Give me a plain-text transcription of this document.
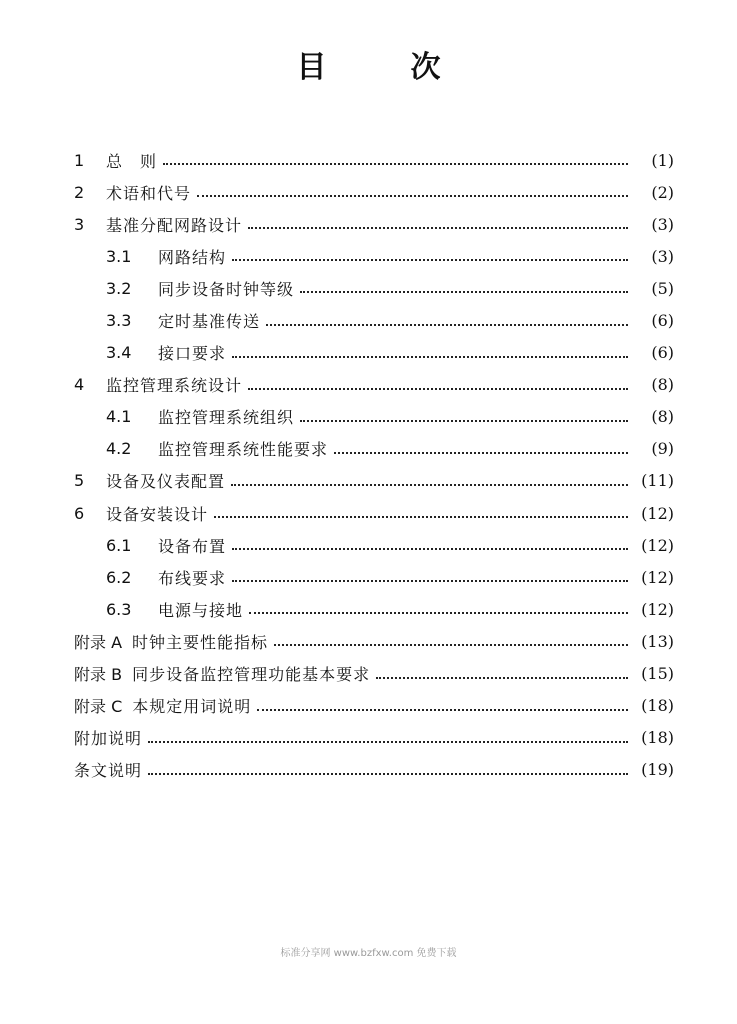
目	次
1	总　则	(1)
2	术语和代号	(2)
3	基准分配网路设计	(3)
3.1	网路结构	(3)
3.2	同步设备时钟等级	(5)
3.3	定时基准传送	(6)
3.4	接口要求	(6)
4	监控管理系统设计	(8)
4.1	监控管理系统组织	(8)
4.2	监控管理系统性能要求	(9)
5	设备及仪表配置	(11)
6	设备安装设计	(12)
6.1	设备布置	(12)
6.2	布线要求	(12)
6.3	电源与接地	(12)
附录 A 时钟主要性能指标	(13)
附录 B 同步设备监控管理功能基本要求	(15)
附录 C 本规定用词说明	(18)
附加说明	(18)
条文说明	(19)
标准分享网 www.bzfxw.com 免费下载
